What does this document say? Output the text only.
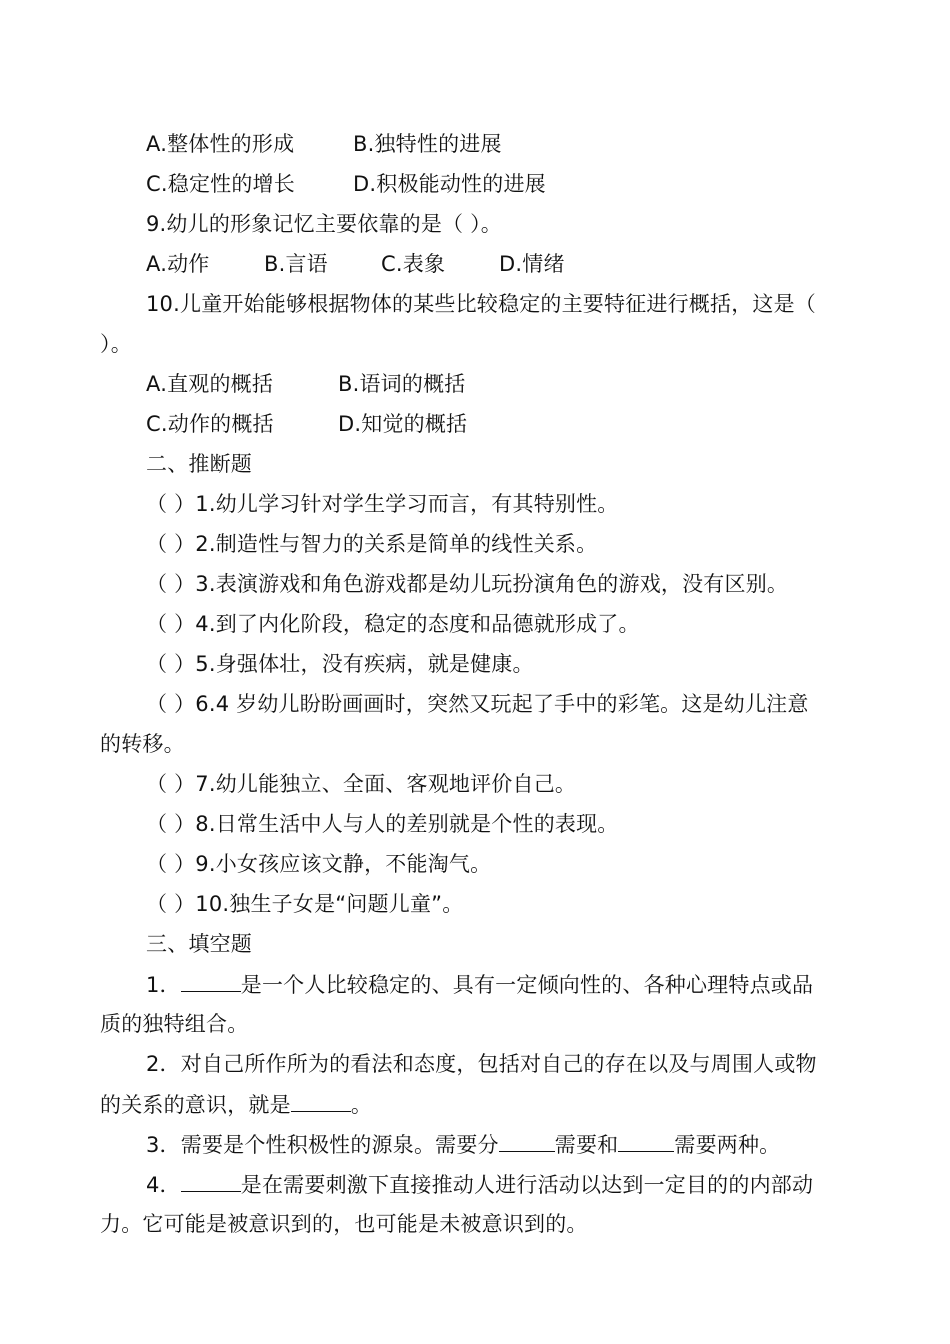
A.整体性的形成	B.独特性的进展
C.稳定性的增长	D.积极能动性的进展
9.幼儿的形象记忆主要依靠的是（ ）。
A.动作	B.言语	C.表象	D.情绪
10.儿童开始能够根据物体的某些比较稳定的主要特征进行概括，这是（
）。
A.直观的概括	B.语词的概括
C.动作的概括	D.知觉的概括
二、推断题
（ ）1.幼儿学习针对学生学习而言，有其特别性。
（ ）2.制造性与智力的关系是简单的线性关系。
（ ）3.表演游戏和角色游戏都是幼儿玩扮演角色的游戏，没有区别。
（ ）4.到了内化阶段，稳定的态度和品德就形成了。
（ ）5.身强体壮，没有疾病，就是健康。
（ ）6.4 岁幼儿盼盼画画时，突然又玩起了手中的彩笔。这是幼儿注意
的转移。
（ ）7.幼儿能独立、全面、客观地评价自己。
（ ）8.日常生活中人与人的差别就是个性的表现。
（ ）9.小女孩应该文静，不能淘气。
（ ）10.独生子女是“问题儿童”。
三、填空题
1．	是一个人比较稳定的、具有一定倾向性的、各种心理特点或品
质的独特组合。
2．对自己所作所为的看法和态度，包括对自己的存在以及与周围人或物
的关系的意识，就是	。
3．需要是个性积极性的源泉。需要分	需要和	需要两种。
4．	是在需要刺激下直接推动人进行活动以达到一定目的的内部动
力。它可能是被意识到的，也可能是未被意识到的。
